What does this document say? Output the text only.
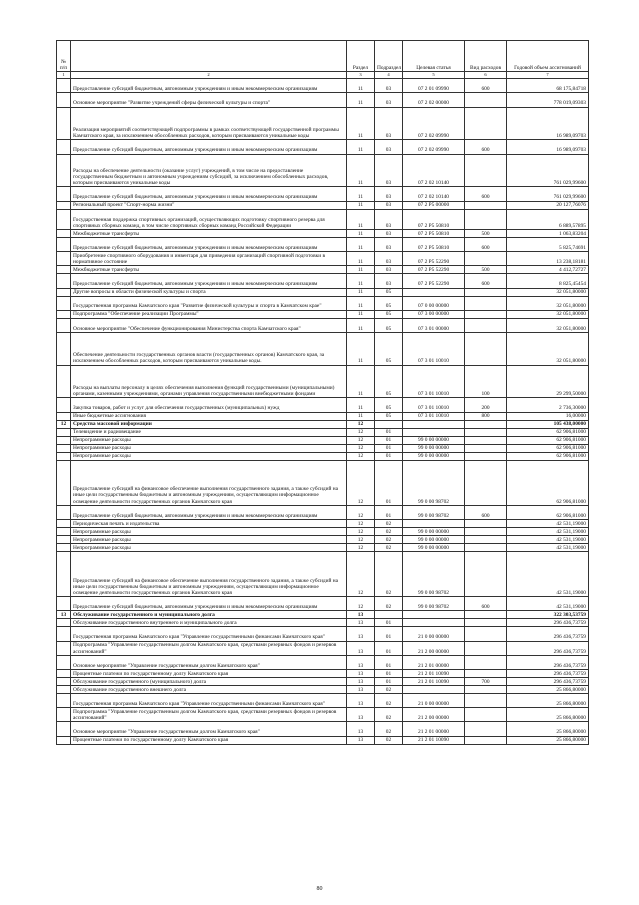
№ п/п		Раздел	Подраздел	Целевая статья	Вид расходов	Годовой объем ассигнований
1	2	3	4	5	6	7
	Предоставление субсидий бюджетным, автономным учреждениям и иным некоммерческим организациям	11	03	07 2 01 09990	600	68 175,84718
	Основное мероприятие "Развитие учреждений сферы физической культуры и спорта"	11	03	07 2 02 00000		778 019,09303
	Реализация мероприятий соответствующей подпрограммы в рамках соответствующей государственной программы Камчатского края, за исключением обособленных расходов, которым присваиваются уникальные коды	11	03	07 2 02 09990		16 989,09703
	Предоставление субсидий бюджетным, автономным учреждениям и иным некоммерческим организациям	11	03	07 2 02 09990	600	16 989,09703
	Расходы на обеспечение деятельности (оказание услуг) учреждений, в том числе на предоставление государственным бюджетным и автономным учреждениям субсидий, за исключением обособленных расходов, которым присваиваются уникальные коды	11	03	07 2 02 10140		761 029,99600
	Предоставление субсидий бюджетным, автономным учреждениям и иным некоммерческим организациям	11	03	07 2 02 10140	600	761 029,99600
	Региональный проект "Спорт-норма жизни"	11	03	07 2 P5 00000		20 127,76076
	Государственная поддержка спортивных организаций, осуществляющих подготовку спортивного резерва для спортивных сборных команд, в том числе спортивных сборных команд Российской Федерации	11	03	07 2 P5 50810		6 889,57895
	Межбюджетные трансферты	11	03	07 2 P5 50810	500	1 063,83204
	Предоставление субсидий бюджетным, автономным учреждениям и иным некоммерческим организациям	11	03	07 2 P5 50810	600	5 825,74691
	Приобретение спортивного оборудования и инвентаря для приведения организаций спортивной подготовки в нормативное состояние	11	03	07 2 P5 52290		13 238,18181
	Межбюджетные трансферты	11	03	07 2 P5 52290	500	4 412,72727
	Предоставление субсидий бюджетным, автономным учреждениям и иным некоммерческим организациям	11	03	07 2 P5 52290	600	8 825,45454
	Другие вопросы в области физической культуры и спорта	11	05			32 051,80000
	Государственная программа Камчатского края "Развитие физической культуры и спорта в Камчатском крае"	11	05	07 0 00 00000		32 051,80000
	Подпрограмма "Обеспечение реализации Программы"	11	05	07 3 00 00000		32 051,80000
	Основное мероприятие "Обеспечение функционирования Министерства спорта Камчатского края"	11	05	07 3 01 00000		32 051,80000
	Обеспечение деятельности государственных органов власти (государственных органов) Камчатского края, за исключением обособленных расходов, которым присваиваются уникальные коды.	11	05	07 3 01 10010		32 051,80000
	Расходы на выплаты персоналу в целях обеспечения выполнения функций государственными (муниципальными) органами, казенными учреждениями, органами управления государственными внебюджетными фондами	11	05	07 3 01 10010	100	29 299,50000
	Закупка товаров, работ и услуг для обеспечения государственных (муниципальных) нужд	11	05	07 3 01 10010	200	2 736,30000
	Иные бюджетные ассигнования	11	05	07 3 01 10010	800	16,00000
12	Средства массовой информации	12				105 438,00000
	Телевидение и радиовещание	12	01			62 906,81000
	Непрограммные расходы	12	01	99 0 00 00000		62 906,81000
	Непрограммные расходы	12	01	99 0 00 00000		62 906,81000
	Непрограммные расходы	12	01	99 0 00 00000		62 906,81000
	Предоставление субсидий на финансовое обеспечение выполнения государственного задания, а также субсидий на иные цели государственным бюджетным и автономным учреждениям, осуществляющим информационное освещение деятельности государственных органов Камчатского края	12	01	99 0 00 98702		62 906,81000
	Предоставление субсидий бюджетным, автономным учреждениям и иным некоммерческим организациям	12	01	99 0 00 98702	600	62 906,81000
	Периодическая печать и издательства	12	02			42 531,19000
	Непрограммные расходы	12	02	99 0 00 00000		42 531,19000
	Непрограммные расходы	12	02	99 0 00 00000		42 531,19000
	Непрограммные расходы	12	02	99 0 00 00000		42 531,19000
	Предоставление субсидий на финансовое обеспечение выполнения государственного задания, а также субсидий на иные цели государственным бюджетным и автономным учреждениям, осуществляющим информационное освещение деятельности государственных органов Камчатского края	12	02	99 0 00 98702		42 531,19000
	Предоставление субсидий бюджетным, автономным учреждениям и иным некоммерческим организациям	12	02	99 0 00 98702	600	42 531,19000
13	Обслуживание государственного и муниципального долга	13				322 303,53759
	Обслуживание государственного внутреннего и муниципального долга	13	01			296 436,73759
	Государственная программа Камчатского края "Управление государственными финансами Камчатского края"	13	01	21 0 00 00000		296 436,73759
	Подпрограмма "Управление государственным долгом Камчатского края, средствами резервных фондов и резервов ассигнований"	13	01	21 2 00 00000		296 436,73759
	Основное мероприятие "Управление государственным долгом Камчатского края"	13	01	21 2 01 00000		296 436,73759
	Процентные платежи по государственному долгу Камчатского края	13	01	21 2 01 10090		296 436,73759
	Обслуживание государственного (муниципального) долга	13	01	21 2 01 10090	700	296 436,73759
	Обслуживание государственного внешнего долга	13	02			25 866,80000
	Государственная программа Камчатского края "Управление государственными финансами Камчатского края"	13	02	21 0 00 00000		25 866,80000
	Подпрограмма "Управление государственным долгом Камчатского края, средствами резервных фондов и резервов ассигнований"	13	02	21 2 00 00000		25 866,80000
	Основное мероприятие "Управление государственным долгом Камчатского края"	13	02	21 2 01 00000		25 866,80000
	Процентные платежи по государственному долгу Камчатского края	13	02	21 2 01 10090		25 866,80000
80
